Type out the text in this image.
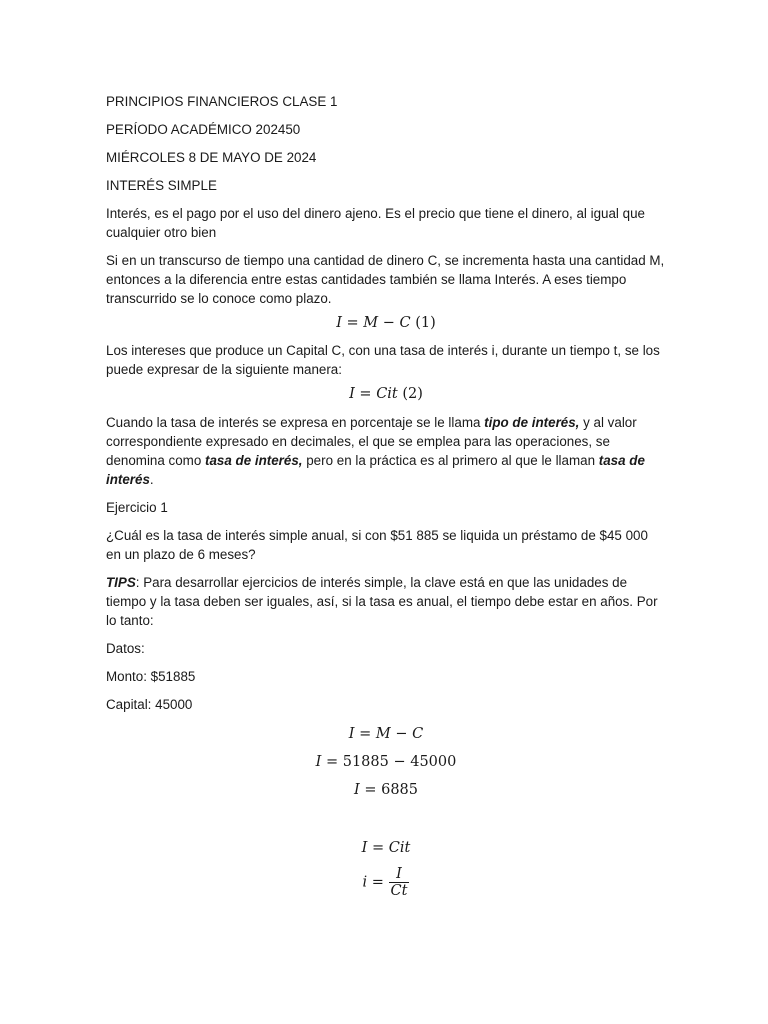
PRINCIPIOS FINANCIEROS CLASE 1

PERÍODO ACADÉMICO 202450

MIÉRCOLES 8 DE MAYO DE 2024

INTERÉS SIMPLE

Interés, es el pago por el uso del dinero ajeno. Es el precio que tiene el dinero, al igual que cualquier otro bien

Si en un transcurso de tiempo una cantidad de dinero C, se incrementa hasta una cantidad M, entonces a la diferencia entre estas cantidades también se llama Interés. A eses tiempo transcurrido se lo conoce como plazo.

I = M − C (1)

Los intereses que produce un Capital C, con una tasa de interés i, durante un tiempo t, se los puede expresar de la siguiente manera:

I = Cit (2)

Cuando la tasa de interés se expresa en porcentaje se le llama tipo de interés, y al valor correspondiente expresado en decimales, el que se emplea para las operaciones, se denomina como tasa de interés, pero en la práctica es al primero al que le llaman tasa de interés.

Ejercicio 1

¿Cuál es la tasa de interés simple anual, si con $51 885 se liquida un préstamo de $45 000 en un plazo de 6 meses?

TIPS: Para desarrollar ejercicios de interés simple, la clave está en que las unidades de tiempo y la tasa deben ser iguales, así, si la tasa es anual, el tiempo debe estar en años. Por lo tanto:

Datos:

Monto: $51885

Capital: 45000

I = M − C

I = 51885 − 45000

I = 6885

I = Cit

$i = \frac{I}{Ct}$
